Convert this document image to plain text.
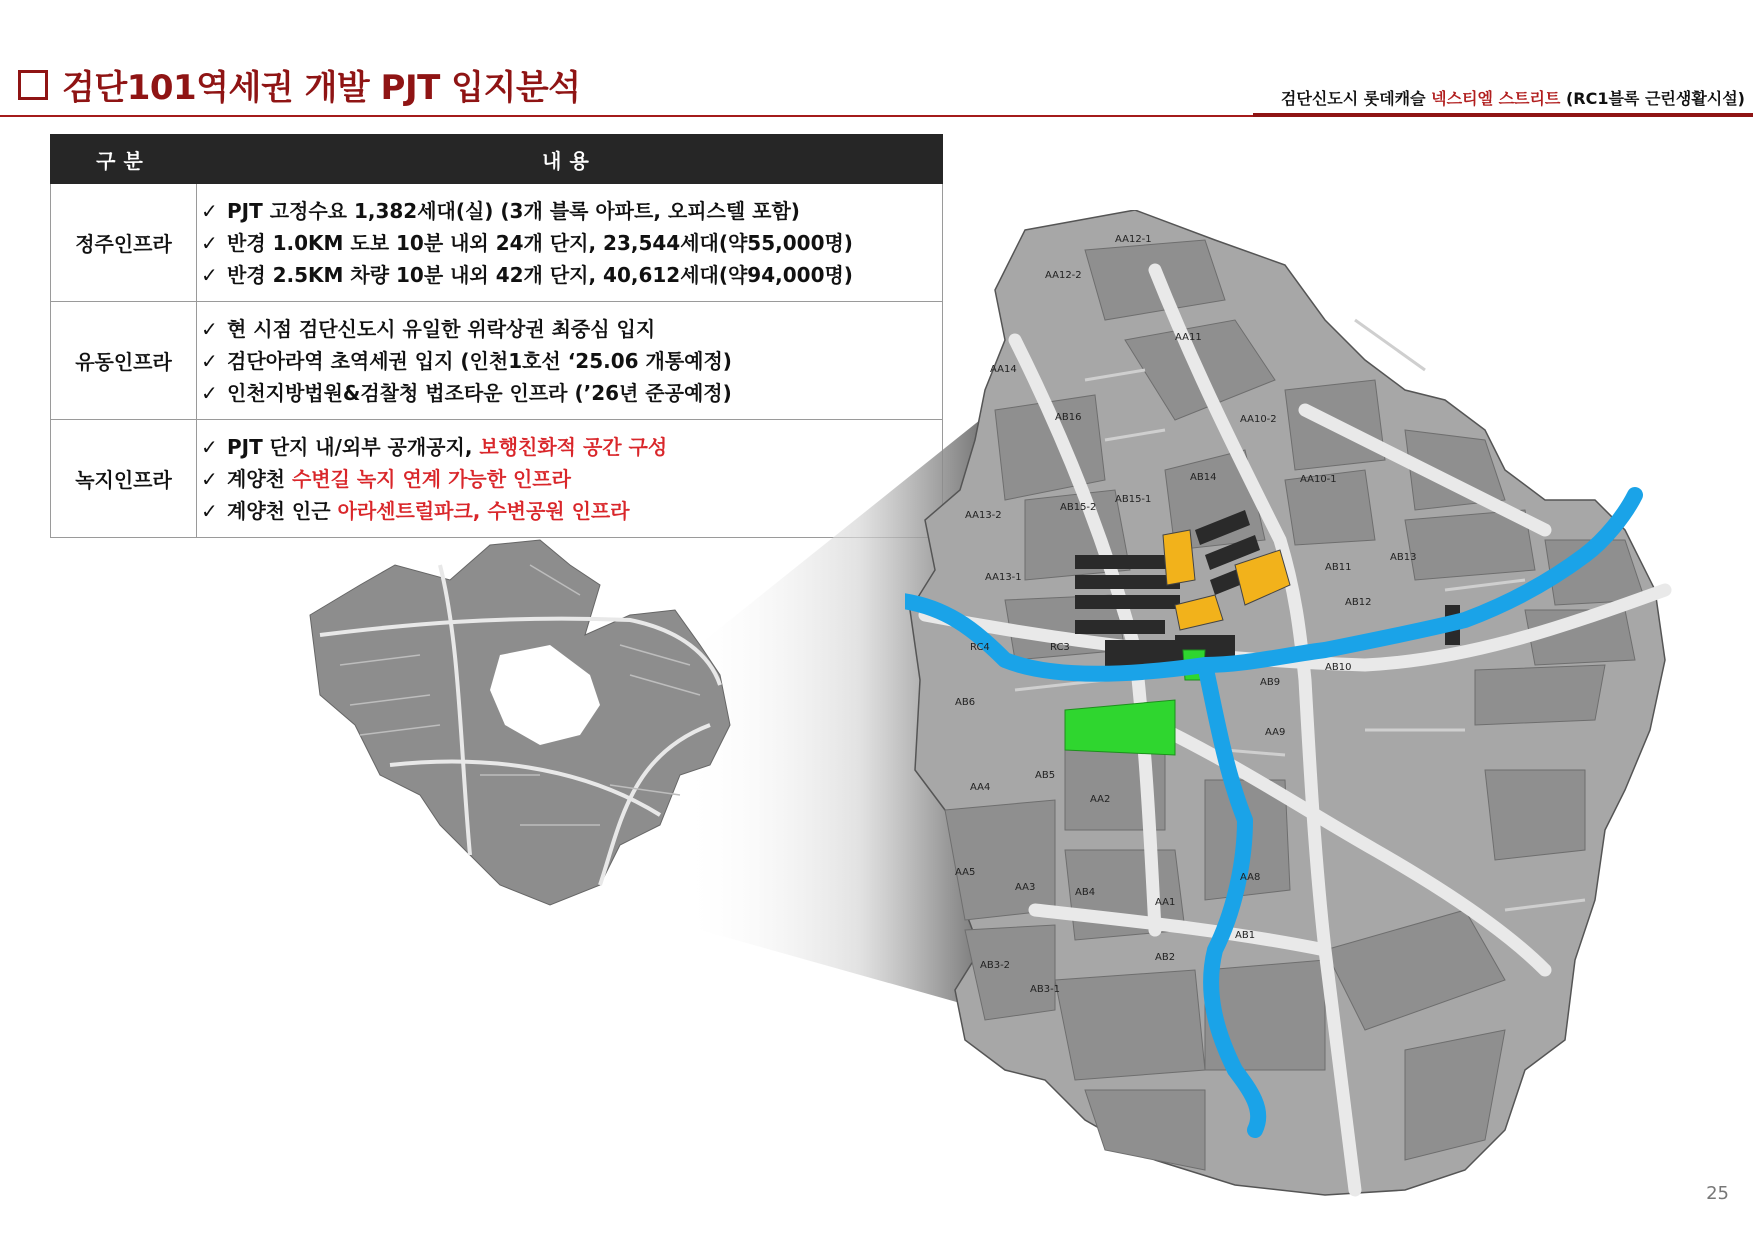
검단101역세권 개발 PJT 입지분석	검단신도시 롯데캐슬 넥스티엘 스트리트 (RC1블록 근린생활시설)
구분	내용
정주인프라	✓ PJT 고정수요 1,382세대(실) (3개 블록 아파트, 오피스텔 포함)
✓ 반경 1.0KM 도보 10분 내외 24개 단지, 23,544세대(약55,000명)
✓ 반경 2.5KM 차량 10분 내외 42개 단지, 40,612세대(약94,000명)

유동인프라	✓ 현 시점 검단신도시 유일한 위락상권 최중심 입지
✓ 검단아라역 초역세권 입지 (인천1호선 ‘25.06 개통예정)
✓ 인천지방법원&검찰청 법조타운 인프라 (’26년 준공예정)

녹지인프라	✓ PJT 단지 내/외부 공개공지, 보행친화적 공간 구성
✓ 계양천 수변길 녹지 연계 가능한 인프라
✓ 계양천 인근 아라센트럴파크, 수변공원 인프라
AA12-1
AA12-2
AA11
AA14
AB16	AA10-2
AB14	AA10-1
AB15-2
AB15-1
AA13-2
AA13-1
AB13
AB11
AB12
RC4	RC3
AB10
AB9
AB6
AA9
AA4
AB5
AA2
AA5
AA3	AB4
AA1
AA8
AB1
AB2
AB3-2
AB3-1
25
